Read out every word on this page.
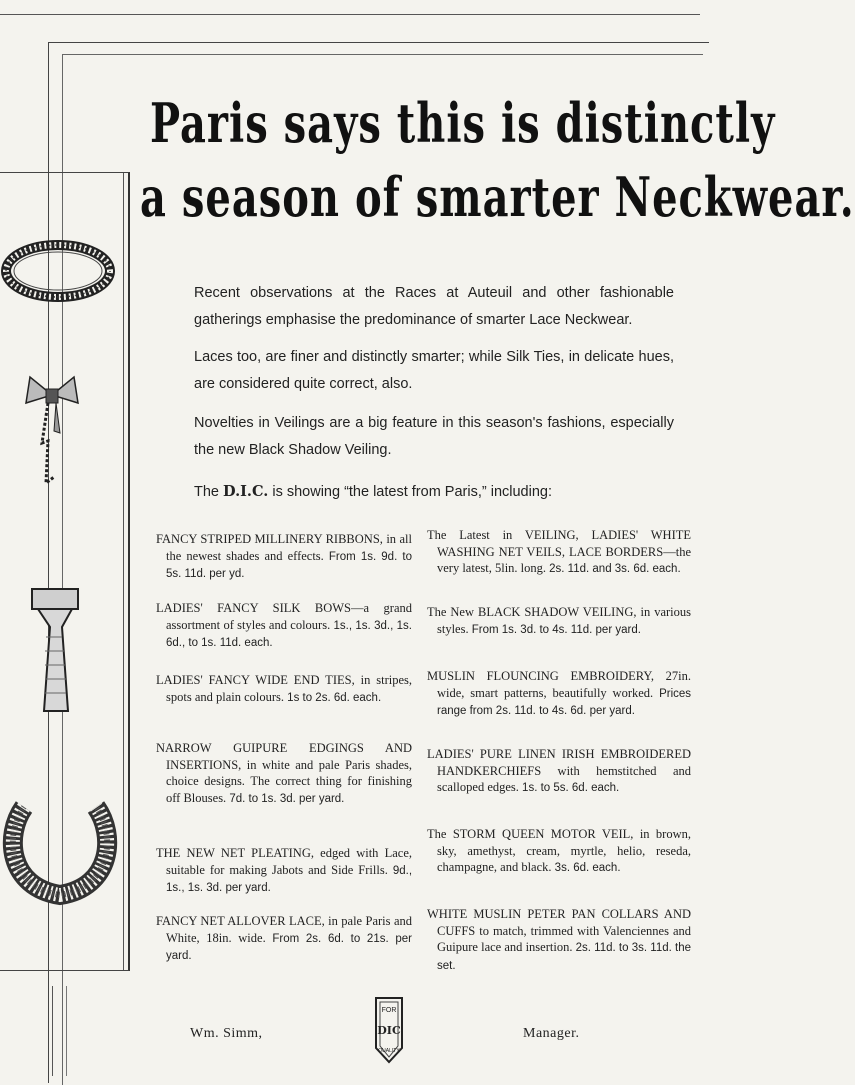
Paris says this is distinctly
a season of smarter Neckwear.

Recent observations at the Races at Auteuil and other fashionable gatherings emphasise the predominance of smarter Lace Neckwear.

Laces too, are finer and distinctly smarter; while Silk Ties, in delicate hues, are considered quite correct, also.

Novelties in Veilings are a big feature in this season's fashions, especially the new Black Shadow Veiling.

The D.I.C. is showing “the latest from Paris,” including:

FANCY STRIPED MILLINERY RIBBONS, in all the newest shades and effects. From 1s. 9d. to 5s. 11d. per yd.

LADIES' FANCY SILK BOWS—a grand assortment of styles and colours. 1s., 1s. 3d., 1s. 6d., to 1s. 11d. each.

LADIES' FANCY WIDE END TIES, in stripes, spots and plain colours. 1s to 2s. 6d. each.

NARROW GUIPURE EDGINGS AND INSERTIONS, in white and pale Paris shades, choice designs. The correct thing for finishing off Blouses. 7d. to 1s. 3d. per yard.

THE NEW NET PLEATING, edged with Lace, suitable for making Jabots and Side Frills. 9d., 1s., 1s. 3d. per yard.

FANCY NET ALLOVER LACE, in pale Paris and White, 18in. wide. From 2s. 6d. to 21s. per yard.

The Latest in VEILING, LADIES' WHITE WASHING NET VEILS, LACE BORDERS—the very latest, 5lin. long. 2s. 11d. and 3s. 6d. each.

The New BLACK SHADOW VEILING, in various styles. From 1s. 3d. to 4s. 11d. per yard.

MUSLIN FLOUNCING EMBROIDERY, 27in. wide, smart patterns, beautifully worked. Prices range from 2s. 11d. to 4s. 6d. per yard.

LADIES' PURE LINEN IRISH EMBROIDERED HANDKERCHIEFS with hemstitched and scalloped edges. 1s. to 5s. 6d. each.

The STORM QUEEN MOTOR VEIL, in brown, sky, amethyst, cream, myrtle, helio, reseda, champagne, and black. 3s. 6d. each.

WHITE MUSLIN PETER PAN COLLARS AND CUFFS to match, trimmed with Valenciennes and Guipure lace and insertion. 2s. 11d. to 3s. 11d. the set.

Wm. Simm,
FOR
DIC
QUALITY
Manager.
